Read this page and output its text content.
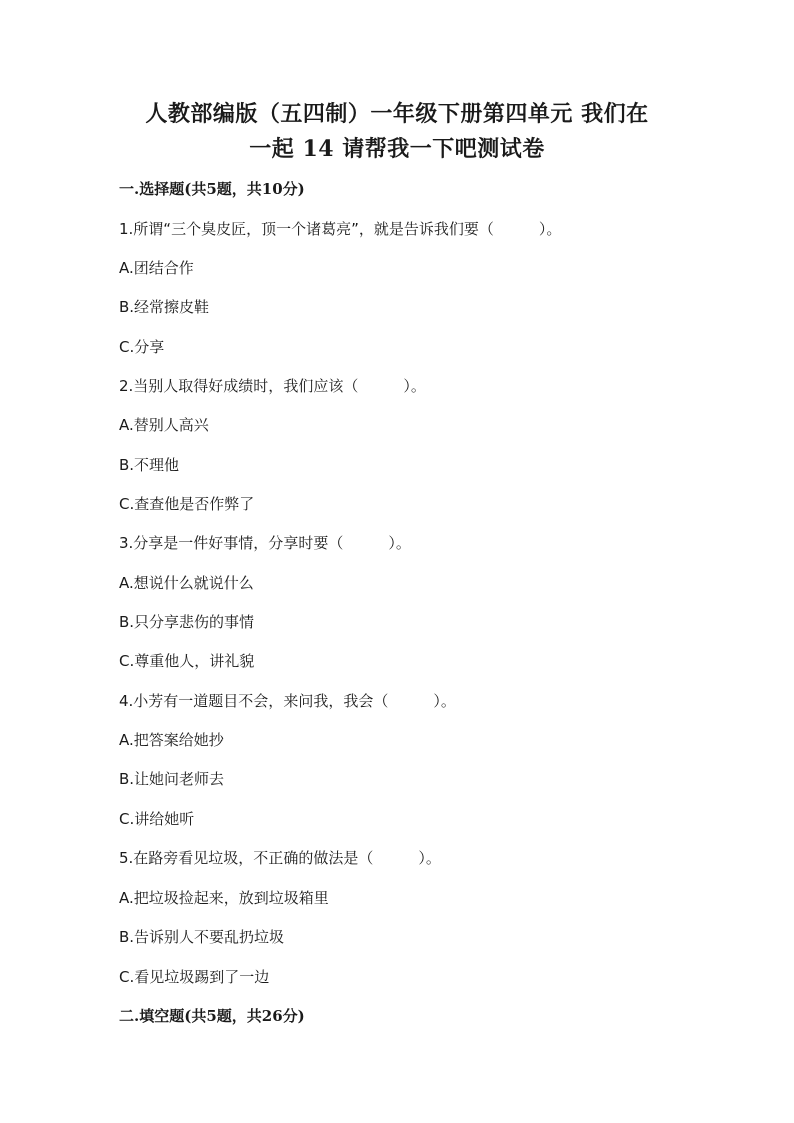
人教部编版（五四制）一年级下册第四单元 我们在
一起 14 请帮我一下吧测试卷
一.选择题(共5题，共10分)
1.所谓“三个臭皮匠，顶一个诸葛亮”，就是告诉我们要（　　　）。
A.团结合作
B.经常擦皮鞋
C.分享
2.当别人取得好成绩时，我们应该（　　　）。
A.替别人高兴
B.不理他
C.查查他是否作弊了
3.分享是一件好事情，分享时要（　　　）。
A.想说什么就说什么
B.只分享悲伤的事情
C.尊重他人，讲礼貌
4.小芳有一道题目不会，来问我，我会（　　　）。
A.把答案给她抄
B.让她问老师去
C.讲给她听
5.在路旁看见垃圾，不正确的做法是（　　　）。
A.把垃圾捡起来，放到垃圾箱里
B.告诉别人不要乱扔垃圾
C.看见垃圾踢到了一边
二.填空题(共5题，共26分)
